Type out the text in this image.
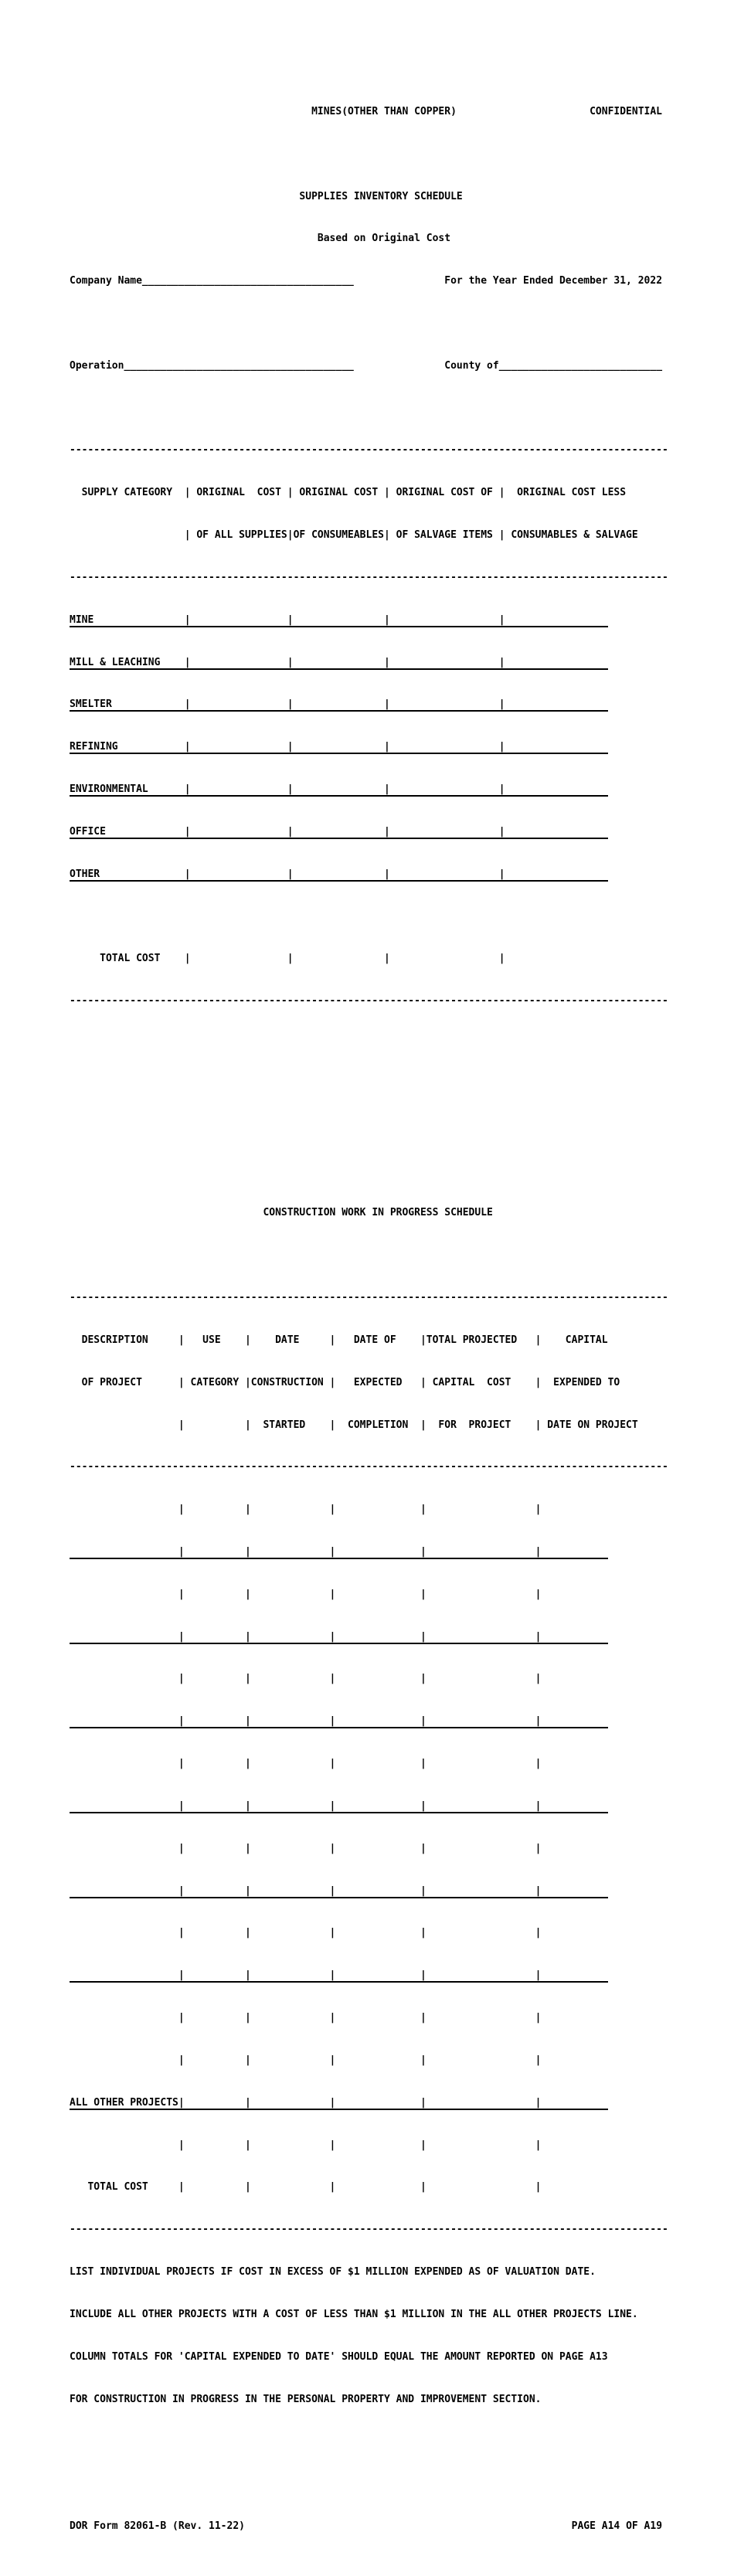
MINES(OTHER THAN COPPER)                      CONFIDENTIAL

SUPPLIES INVENTORY SCHEDULE

Based on Original Cost

Company Name___________________________________               For the Year Ended December 31, 2022

Operation______________________________________               County of___________________________

---------------------------------------------------------------------------------------------------

SUPPLY CATEGORY  | ORIGINAL  COST | ORIGINAL COST | ORIGINAL COST OF |  ORIGINAL COST LESS

| OF ALL SUPPLIES|OF CONSUMEABLES| OF SALVAGE ITEMS | CONSUMABLES & SALVAGE

---------------------------------------------------------------------------------------------------

MINE               |                |               |                  |

MILL & LEACHING    |                |               |                  |

SMELTER            |                |               |                  |

REFINING           |                |               |                  |

ENVIRONMENTAL      |                |               |                  |

OFFICE             |                |               |                  |

OTHER              |                |               |                  |

TOTAL COST    |                |               |                  |

---------------------------------------------------------------------------------------------------

CONSTRUCTION WORK IN PROGRESS SCHEDULE

---------------------------------------------------------------------------------------------------

DESCRIPTION     |   USE    |    DATE     |   DATE OF    |TOTAL PROJECTED   |    CAPITAL

OF PROJECT      | CATEGORY |CONSTRUCTION |   EXPECTED   | CAPITAL  COST    |  EXPENDED TO

|          |  STARTED    |  COMPLETION  |  FOR  PROJECT    | DATE ON PROJECT

---------------------------------------------------------------------------------------------------

|          |             |              |                  |

|          |             |              |                  |

|          |             |              |                  |

|          |             |              |                  |

|          |             |              |                  |

|          |             |              |                  |

|          |             |              |                  |

|          |             |              |                  |

|          |             |              |                  |

|          |             |              |                  |

|          |             |              |                  |

|          |             |              |                  |

|          |             |              |                  |

|          |             |              |                  |

ALL OTHER PROJECTS|          |             |              |                  |

|          |             |              |                  |

TOTAL COST     |          |             |              |                  |

---------------------------------------------------------------------------------------------------

LIST INDIVIDUAL PROJECTS IF COST IN EXCESS OF $1 MILLION EXPENDED AS OF VALUATION DATE.

INCLUDE ALL OTHER PROJECTS WITH A COST OF LESS THAN $1 MILLION IN THE ALL OTHER PROJECTS LINE.

COLUMN TOTALS FOR 'CAPITAL EXPENDED TO DATE' SHOULD EQUAL THE AMOUNT REPORTED ON PAGE A13

FOR CONSTRUCTION IN PROGRESS IN THE PERSONAL PROPERTY AND IMPROVEMENT SECTION.

DOR Form 82061-B (Rev. 11-22)                                                      PAGE A14 OF A19
